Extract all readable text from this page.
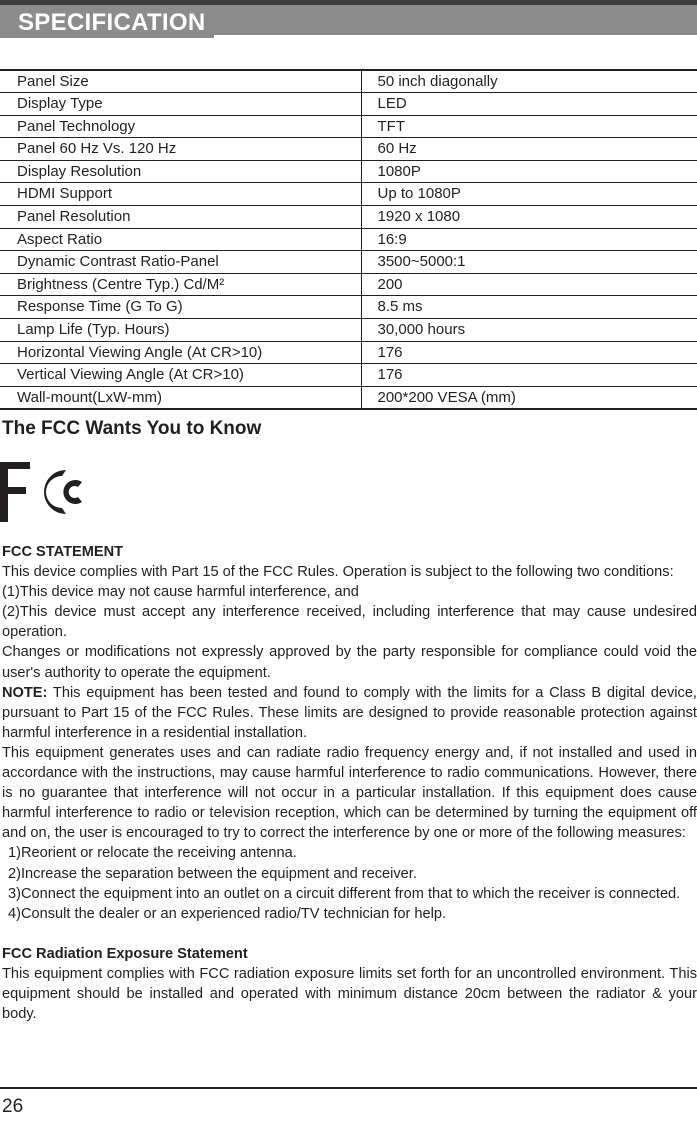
SPECIFICATION
Panel Size	50 inch diagonally
Display Type	LED
Panel Technology	TFT
Panel 60 Hz Vs. 120 Hz	60 Hz
Display Resolution	1080P
HDMI Support	Up to 1080P
Panel Resolution	1920 x 1080
Aspect Ratio	16:9
Dynamic Contrast Ratio-Panel	3500~5000:1
Brightness (Centre Typ.) Cd/M²	200
Response Time (G To G)	8.5 ms
Lamp Life (Typ. Hours)	30,000 hours
Horizontal Viewing Angle (At CR>10)	176
Vertical Viewing Angle (At CR>10)	176
Wall-mount(LxW-mm)	200*200 VESA (mm)
The FCC Wants You to Know

FCC STATEMENT

This device complies with Part 15 of the FCC Rules. Operation is subject to the following two conditions:

(1)This device may not cause harmful interference, and

(2)This device must accept any interference received, including interference that may cause undesired operation.

Changes or modifications not expressly approved by the party responsible for compliance could void the user's authority to operate the equipment.

NOTE: This equipment has been tested and found to comply with the limits for a Class B digital device, pursuant to Part 15 of the FCC Rules. These limits are designed to provide reasonable protection against harmful interference in a residential installation.

This equipment generates uses and can radiate radio frequency energy and, if not installed and used in accordance with the instructions, may cause harmful interference to radio communications. However, there is no guarantee that interference will not occur in a particular installation. If this equipment does cause harmful interference to radio or television reception, which can be determined by turning the equipment off and on, the user is encouraged to try to correct the interference by one or more of the following measures:

1)Reorient or relocate the receiving antenna.

2)Increase the separation between the equipment and receiver.

3)Connect the equipment into an outlet on a circuit different from that to which the receiver is connected.

4)Consult the dealer or an experienced radio/TV technician for help.

FCC Radiation Exposure Statement

This equipment complies with FCC radiation exposure limits set forth for an uncontrolled environment. This equipment should be installed and operated with minimum distance 20cm between the radiator & your body.

26
